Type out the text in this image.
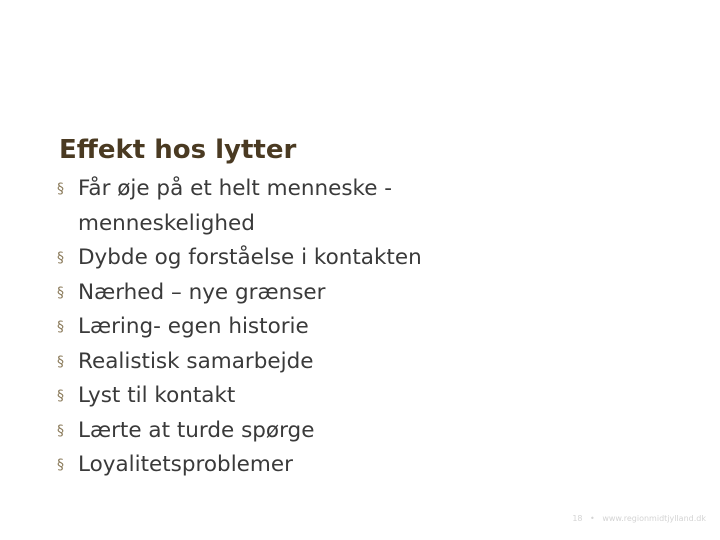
Effekt hos lytter
§ Får øje på et helt menneske - menneskelighed
§ Dybde og forståelse i kontakten
§ Nærhed – nye grænser
§ Læring- egen historie
§ Realistisk samarbejde
§ Lyst til kontakt
§ Lærte at turde spørge
§ Loyalitetsproblemer
18 • www.regionmidtjylland.dk
